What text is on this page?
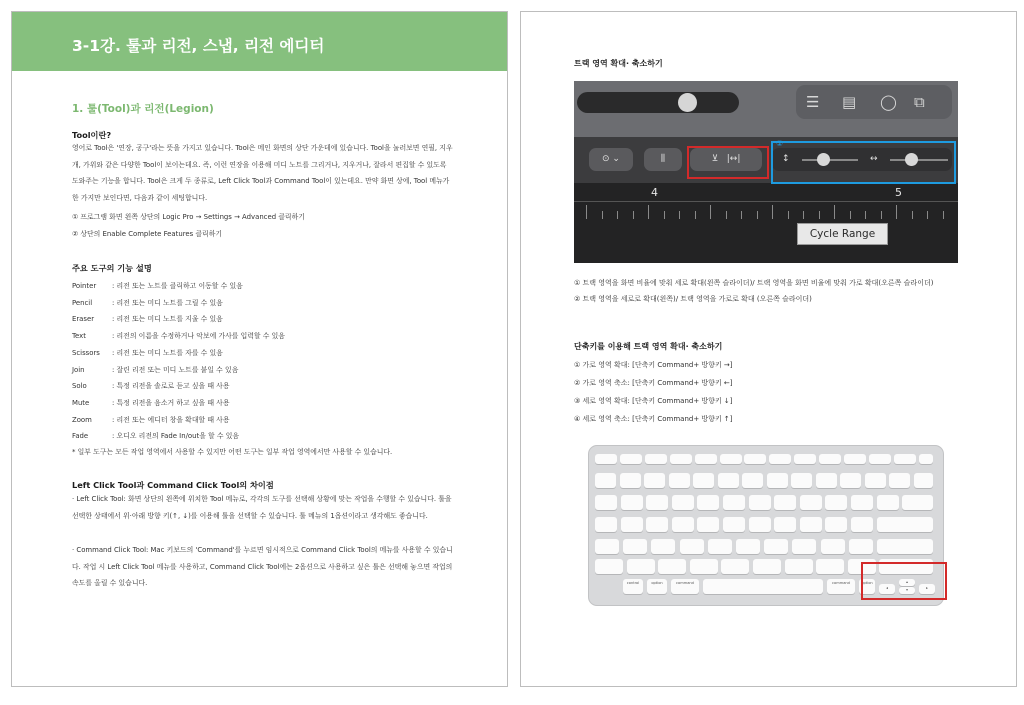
3-1강. 툴과 리전, 스냅, 리전 에디터
1. 툴(Tool)과 리전(Legion)
Tool이란?
영어로 Tool은 '연장, 공구'라는 뜻을 가지고 있습니다. Tool은 메인 화면의 상단 가운데에 있습니다. Tool을 눌러보면 연필, 지우개, 가위와 같은 다양한 Tool이 보이는데요. 즉, 이런 연장을 이용해 미디 노트를 그리거나, 지우거나, 잘라서 편집할 수 있도록 도와주는 기능을 합니다. Tool은 크게 두 종류로, Left Click Tool과 Command Tool이 있는데요. 만약 화면 상에, Tool 메뉴가 한 가지만 보인다면, 다음과 같이 세팅합니다.
① 프로그램 화면 왼쪽 상단의 Logic Pro → Settings → Advanced 클릭하기
② 상단의 Enable Complete Features 클릭하기
주요 도구의 기능 설명
Pointer : 리전 또는 노트를 클릭하고 이동할 수 있음
Pencil	: 리전 또는 미디 노트를 그릴 수 있음
Eraser	: 리전 또는 미디 노트를 지울 수 있음
Text	: 리전의 이름을 수정하거나 악보에 가사를 입력할 수 있음
Scissors : 리전 또는 미디 노트를 자를 수 있음
Join	: 잘린 리전 또는 미디 노트를 붙일 수 있음
Solo	: 특정 리전을 솔로로 듣고 싶을 때 사용
Mute	: 특정 리전을 음소거 하고 싶을 때 사용
Zoom	: 리전 또는 에디터 창을 확대할 때 사용
Fade	: 오디오 리전의 Fade In/out을 할 수 있음
* 일부 도구는 모든 작업 영역에서 사용할 수 있지만 어떤 도구는 일부 작업 영역에서만 사용할 수 있습니다.
Left Click Tool과 Command Click Tool의 차이점
· Left Click Tool: 화면 상단의 왼쪽에 위치한 Tool 메뉴로, 각각의 도구를 선택해 상황에 맞는 작업을 수행할 수 있습니다. 툴을 선택한 상태에서 위·아래 방향 키(↑, ↓)를 이용해 툴을 선택할 수 있습니다. 툴 메뉴의 1옵션이라고 생각해도 좋습니다.
· Command Click Tool: Mac 키보드의 'Command'를 누르면 임시적으로 Command Click Tool의 메뉴를 사용할 수 있습니다. 작업 시 Left Click Tool 메뉴를 사용하고, Command Click Tool에는 2옵션으로 사용하고 싶은 툴은 선택해 놓으면 작업의 속도를 올릴 수 있습니다.
트랙 영역 확대· 축소하기
☰ ▤ ◯ ⧉
⊙ ⌄	⫼	⊻   |↔|	↕	↔
②
4	5
Cycle Range
① 트랙 영역을 화면 비율에 맞춰 세로 확대(왼쪽 슬라이더)/ 트랙 영역을 화면 비율에 맞춰 가로 확대(오른쪽 슬라이더)
② 트랙 영역을 세로로 확대(왼쪽)/ 트랙 영역을 가로로 확대 (오른쪽 슬라이더)
단축키를 이용해 트랙 영역 확대· 축소하기
① 가로 영역 확대: [단축키 Command+ 방향키 →]
② 가로 영역 축소: [단축키 Command+ 방향키 ←]
③ 세로 영역 확대: [단축키 Command+ 방향키 ↓]
④ 세로 영역 축소: [단축키 Command+ 방향키 ↑]
control	option	command	command	option
◂
▴
▾	▸
